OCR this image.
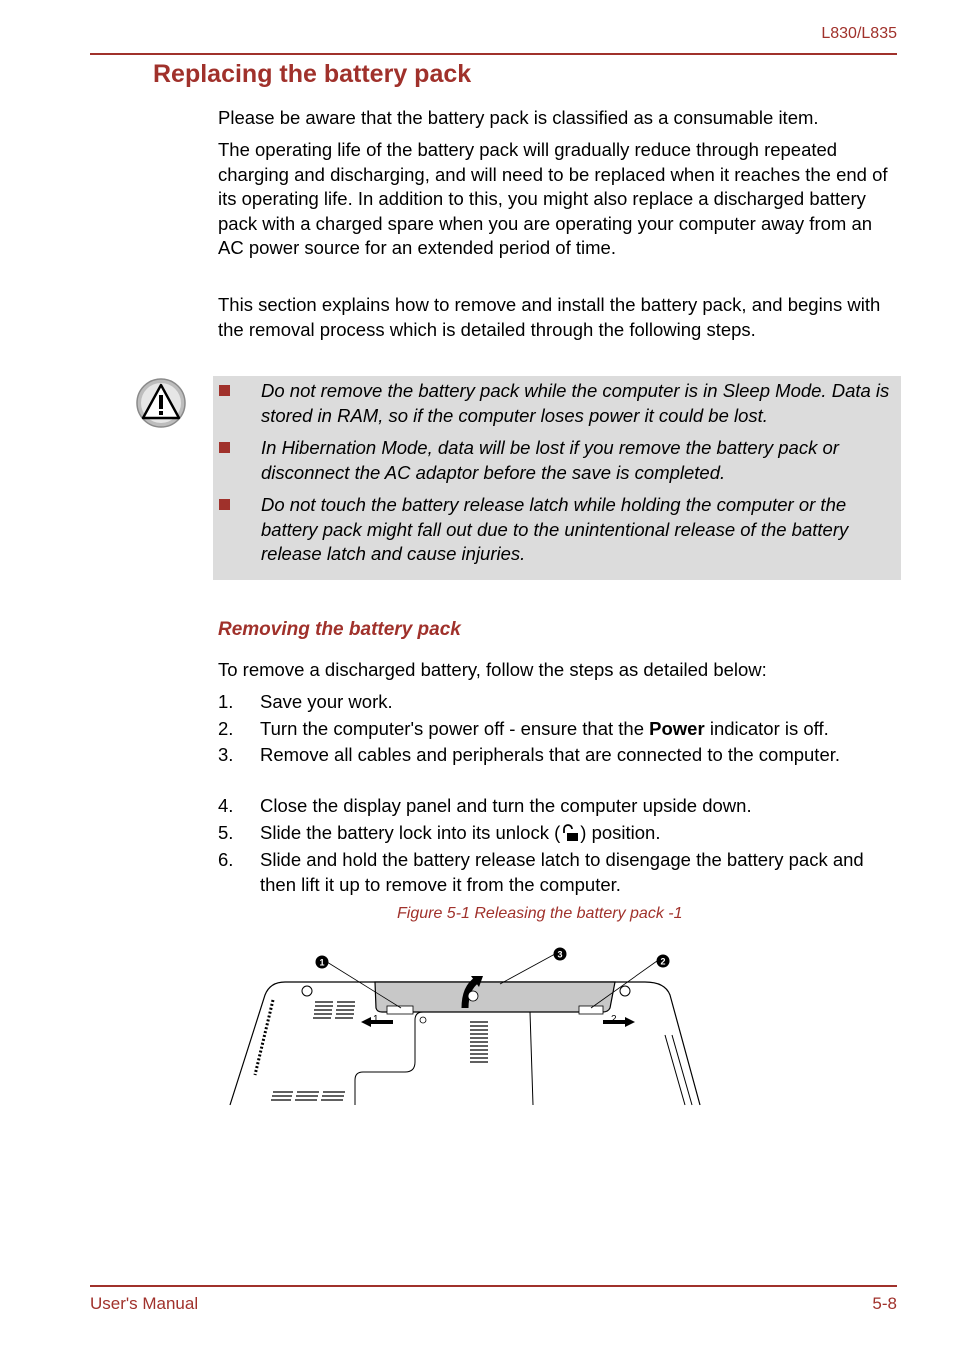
L830/L835
Replacing the battery pack
Please be aware that the battery pack is classified as a consumable item.
The operating life of the battery pack will gradually reduce through repeated charging and discharging, and will need to be replaced when it reaches the end of its operating life. In addition to this, you might also replace a discharged battery pack with a charged spare when you are operating your computer away from an AC power source for an extended period of time.
This section explains how to remove and install the battery pack, and begins with the removal process which is detailed through the following steps.
Do not remove the battery pack while the computer is in Sleep Mode. Data is stored in RAM, so if the computer loses power it could be lost.
In Hibernation Mode, data will be lost if you remove the battery pack or disconnect the AC adaptor before the save is completed.
Do not touch the battery release latch while holding the computer or the battery pack might fall out due to the unintentional release of the battery release latch and cause injuries.
Removing the battery pack
To remove a discharged battery, follow the steps as detailed below:
1. Save your work.
2. Turn the computer's power off - ensure that the Power indicator is off.
3. Remove all cables and peripherals that are connected to the computer.
4. Close the display panel and turn the computer upside down.
5. Slide the battery lock into its unlock ( ) position.
6. Slide and hold the battery release latch to disengage the battery pack and then lift it up to remove it from the computer.
Figure 5-1 Releasing the battery pack -1
1	2
1
3
2
User's Manual	5-8
